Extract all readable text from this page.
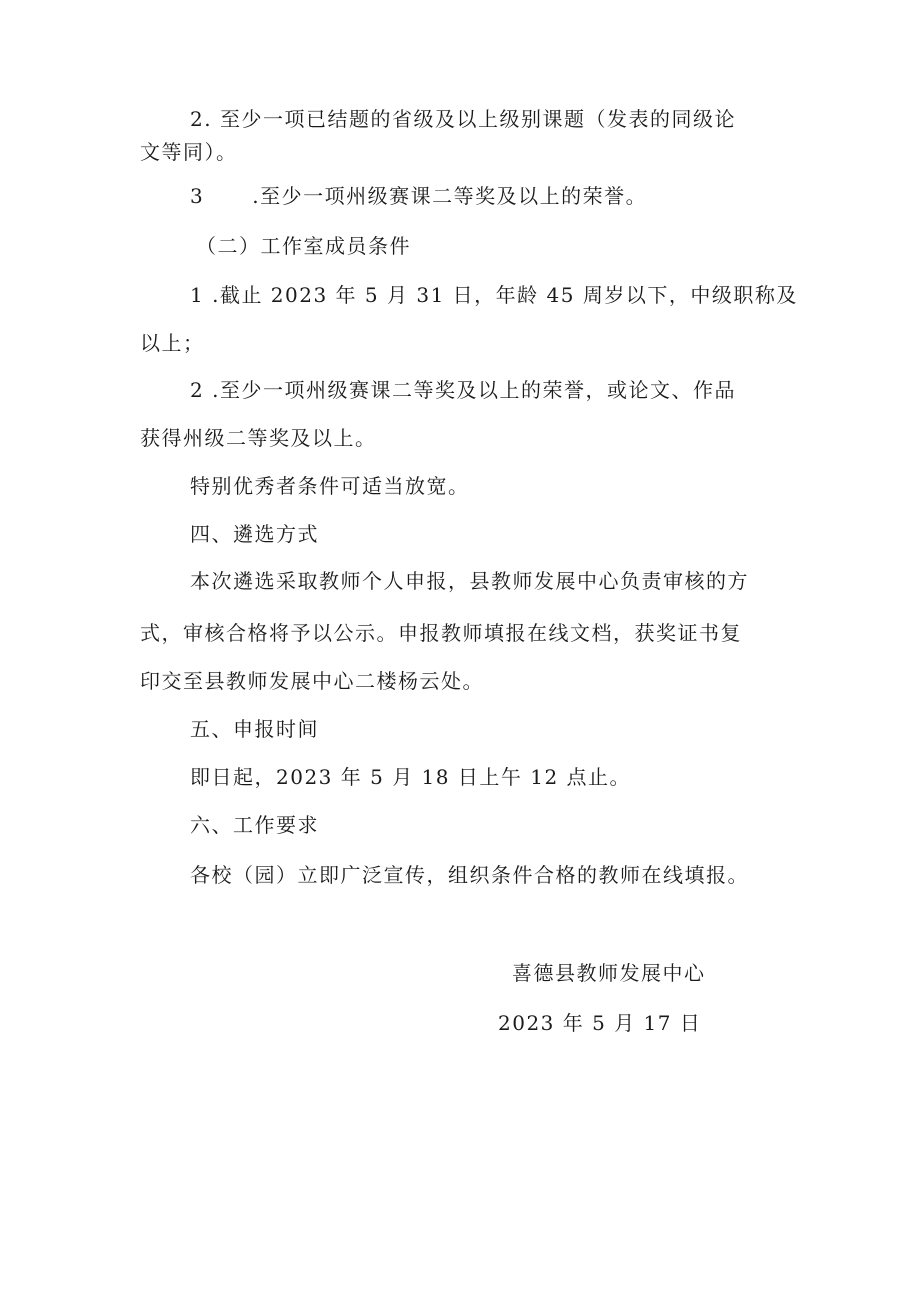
2. 至少一项已结题的省级及以上级别课题（发表的同级论
文等同）。
3 .至少一项州级赛课二等奖及以上的荣誉。
（二）工作室成员条件
1 .截止 2023 年 5 月 31 日，年龄 45 周岁以下，中级职称及
以上；
2 .至少一项州级赛课二等奖及以上的荣誉，或论文、作品
获得州级二等奖及以上。
特别优秀者条件可适当放宽。
四、遴选方式
本次遴选采取教师个人申报，县教师发展中心负责审核的方
式，审核合格将予以公示。申报教师填报在线文档，获奖证书复
印交至县教师发展中心二楼杨云处。
五、申报时间
即日起，2023 年 5 月 18 日上午 12 点止。
六、工作要求
各校（园）立即广泛宣传，组织条件合格的教师在线填报。
喜德县教师发展中心
2023 年 5 月 17 日
